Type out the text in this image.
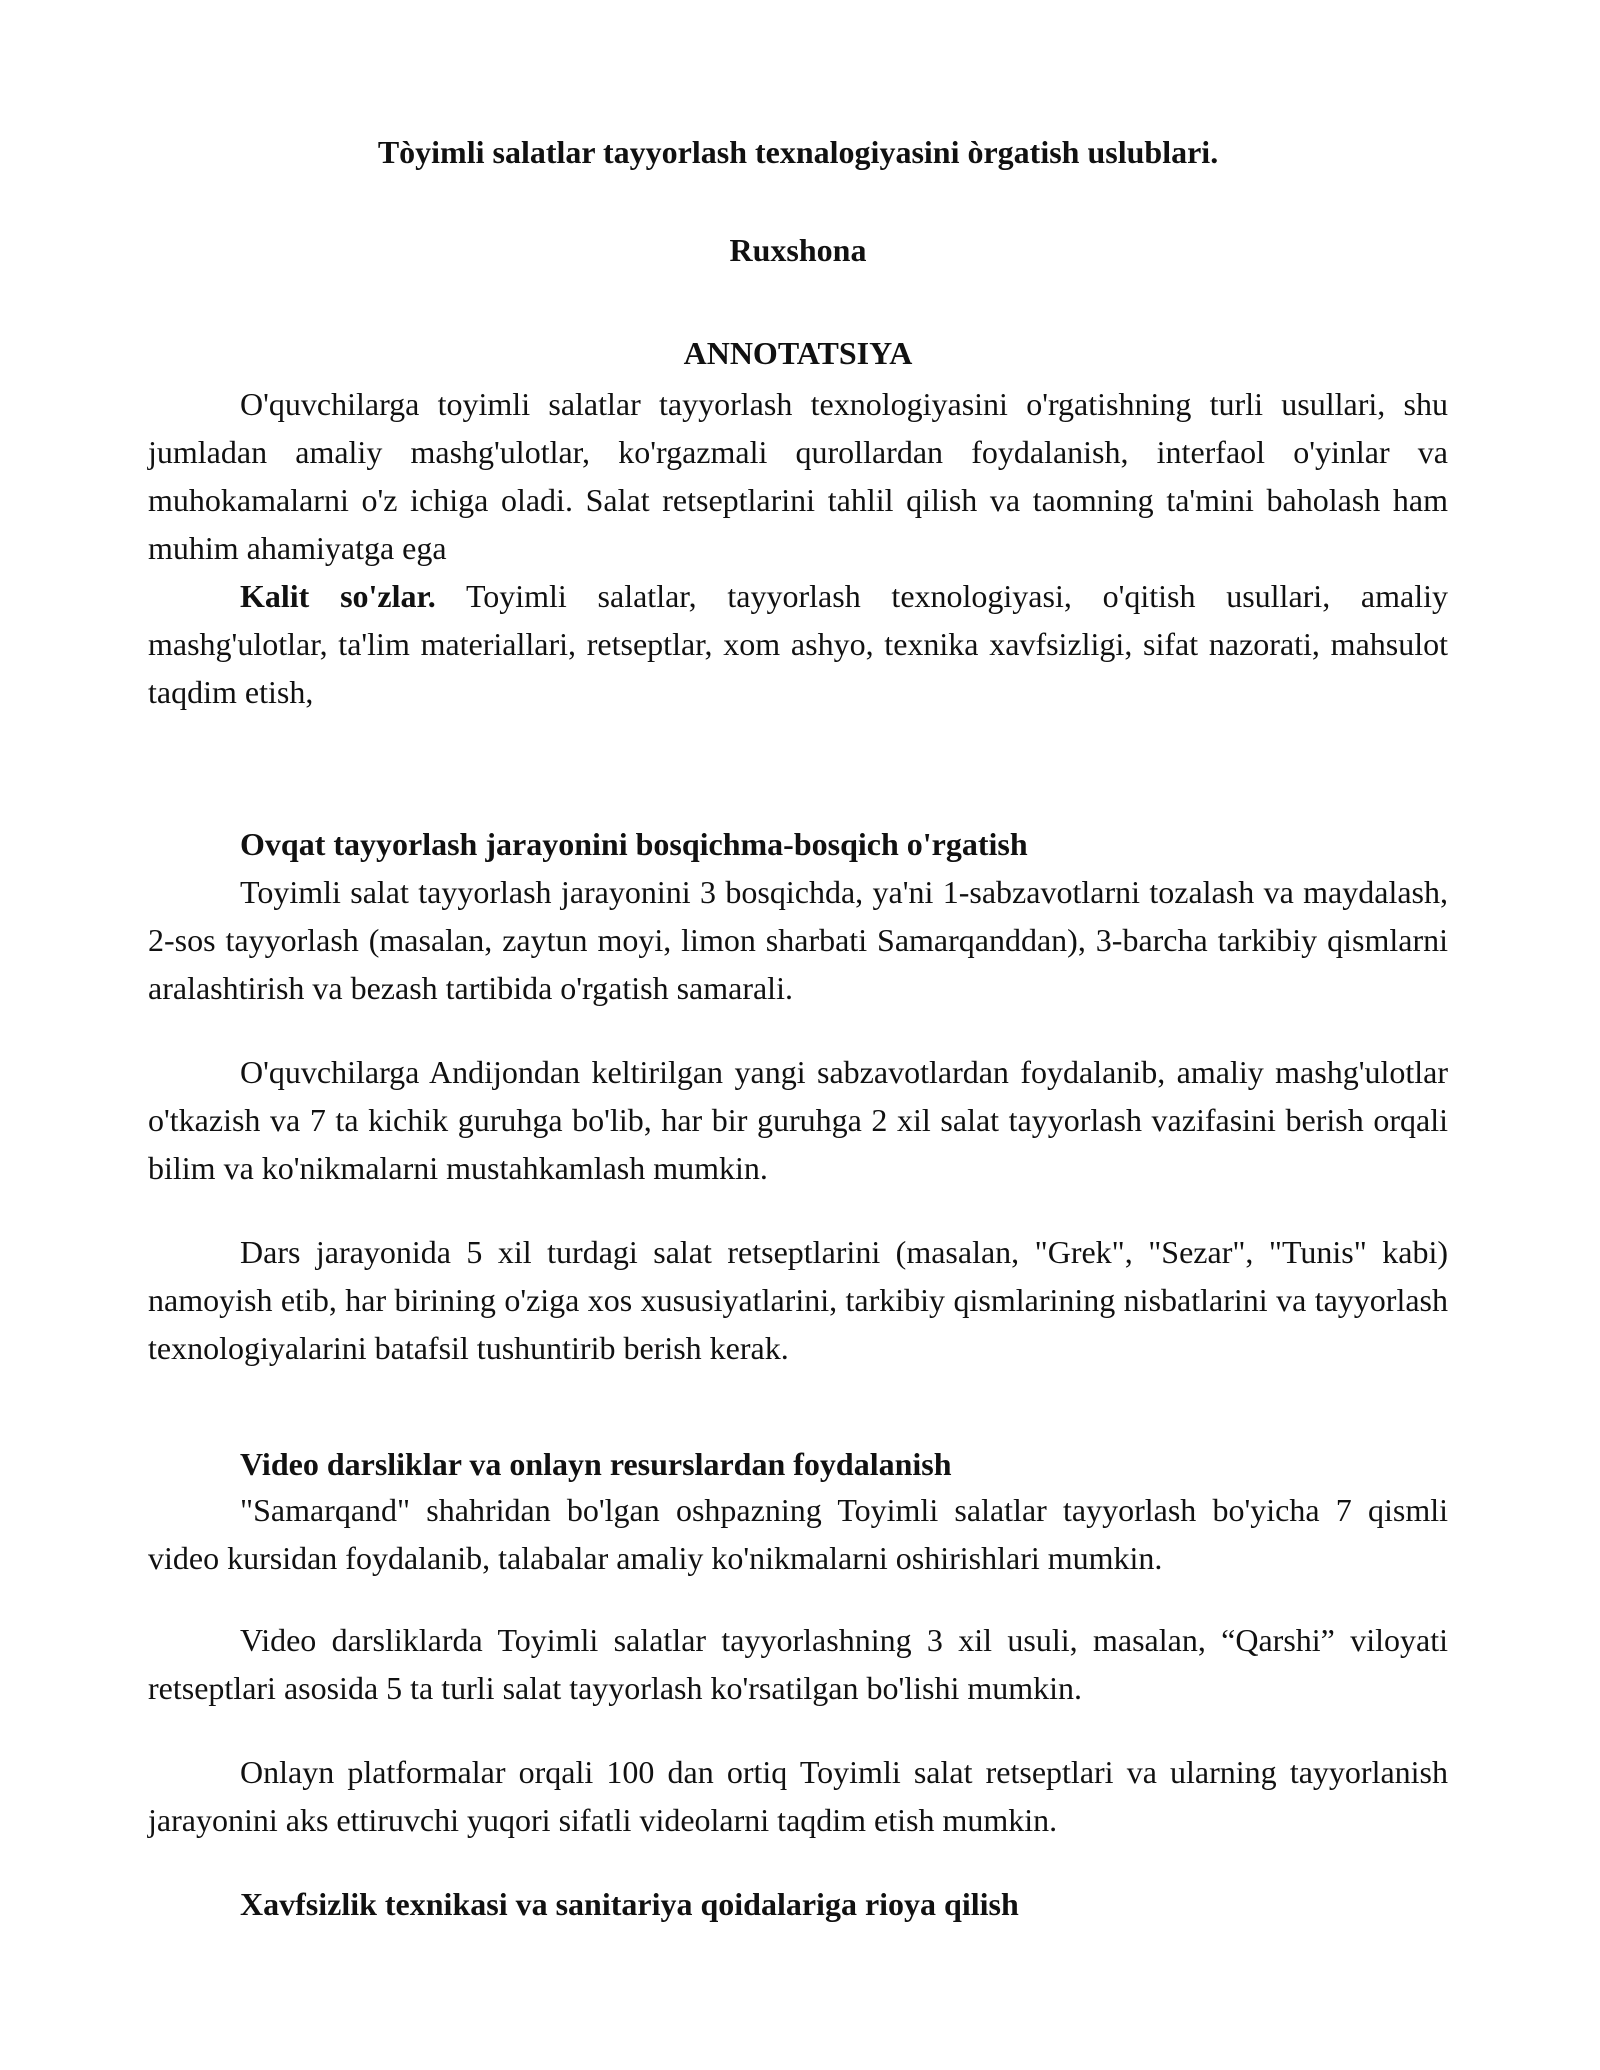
Tòyimli salatlar tayyorlash texnalogiyasini òrgatish uslublari.

Ruxshona

ANNOTATSIYA

O'quvchilarga toyimli salatlar tayyorlash texnologiyasini o'rgatishning turli usullari, shu jumladan amaliy mashg'ulotlar, ko'rgazmali qurollardan foydalanish, interfaol o'yinlar va muhokamalarni o'z ichiga oladi. Salat retseptlarini tahlil qilish va taomning ta'mini baholash ham muhim ahamiyatga ega

Kalit so'zlar. Toyimli salatlar, tayyorlash texnologiyasi, o'qitish usullari, amaliy mashg'ulotlar, ta'lim materiallari, retseptlar, xom ashyo, texnika xavfsizligi, sifat nazorati, mahsulot taqdim etish,

Ovqat tayyorlash jarayonini bosqichma-bosqich o'rgatish

Toyimli salat tayyorlash jarayonini 3 bosqichda, ya'ni 1-sabzavotlarni tozalash va maydalash, 2-sos tayyorlash (masalan, zaytun moyi, limon sharbati Samarqanddan), 3-barcha tarkibiy qismlarni aralashtirish va bezash tartibida o'rgatish samarali.

O'quvchilarga Andijondan keltirilgan yangi sabzavotlardan foydalanib, amaliy mashg'ulotlar o'tkazish va 7 ta kichik guruhga bo'lib, har bir guruhga 2 xil salat tayyorlash vazifasini berish orqali bilim va ko'nikmalarni mustahkamlash mumkin.

Dars jarayonida 5 xil turdagi salat retseptlarini (masalan, "Grek", "Sezar", "Tunis" kabi) namoyish etib, har birining o'ziga xos xususiyatlarini, tarkibiy qismlarining nisbatlarini va tayyorlash texnologiyalarini batafsil tushuntirib berish kerak.

Video darsliklar va onlayn resurslardan foydalanish

"Samarqand" shahridan bo'lgan oshpazning Toyimli salatlar tayyorlash bo'yicha 7 qismli video kursidan foydalanib, talabalar amaliy ko'nikmalarni oshirishlari mumkin.

Video darsliklarda Toyimli salatlar tayyorlashning 3 xil usuli, masalan, “Qarshi” viloyati retseptlari asosida 5 ta turli salat tayyorlash ko'rsatilgan bo'lishi mumkin.

Onlayn platformalar orqali 100 dan ortiq Toyimli salat retseptlari va ularning tayyorlanish jarayonini aks ettiruvchi yuqori sifatli videolarni taqdim etish mumkin.

Xavfsizlik texnikasi va sanitariya qoidalariga rioya qilish
